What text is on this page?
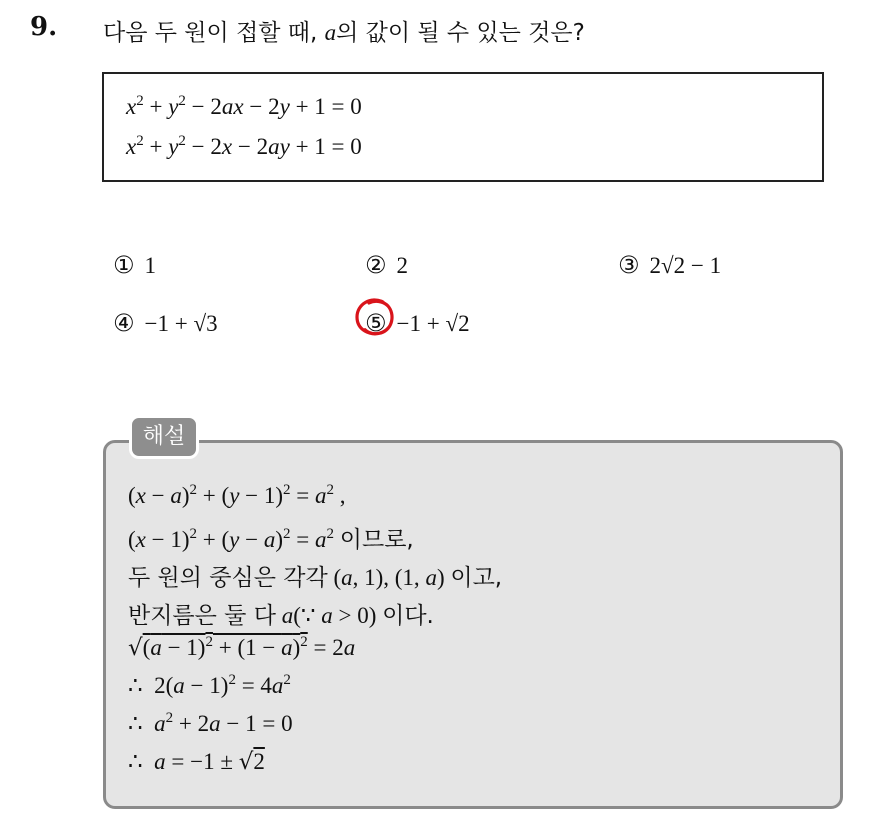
9. 다음 두 원이 접할 때, a의 값이 될 수 있는 것은?
$x^2 + y^2 - 2ax - 2y + 1 = 0$
$x^2 + y^2 - 2x - 2ay + 1 = 0$
① 1	② 2	③ 2√2 − 1
④ −1 + √3	⑤ −1 + √2
해설
$(x - a)^2 + (y - 1)^2 = a^2$ ,
$(x - 1)^2 + (y - a)^2 = a^2$ 이므로,
두 원의 중심은 각각 (a, 1), (1, a) 이고,
반지름은 둘 다 a(∵ a > 0) 이다.
$√(a - 1)^2 + (1 - a)^2 = 2a$
∴  $2(a - 1)^2 = 4a^2$
∴  $a^2 + 2a - 1 = 0$
∴  a = −1 ± √2
